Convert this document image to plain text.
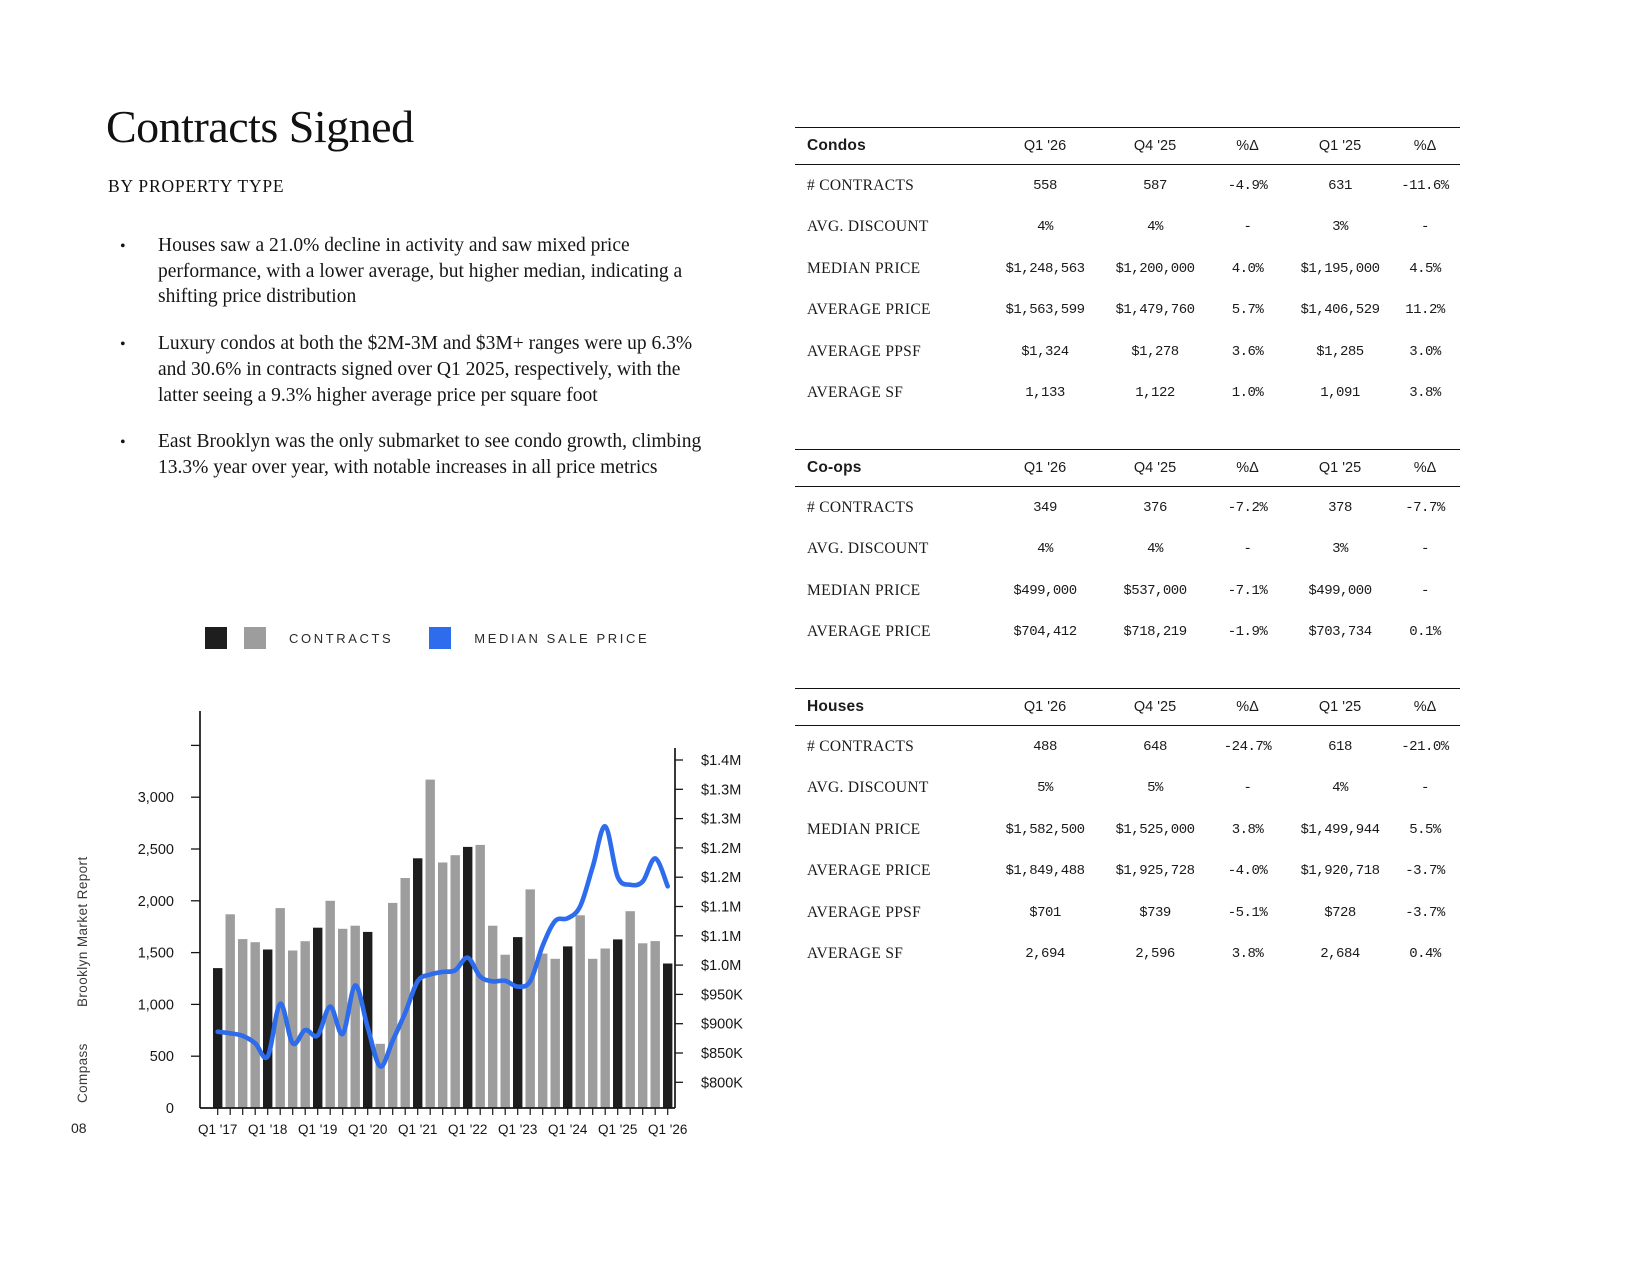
Contracts Signed
BY PROPERTY TYPE
•	Houses saw a 21.0% decline in activity and saw mixed price performance, with a lower average, but higher median, indicating a shifting price distribution
•	Luxury condos at both the $2M-3M and $3M+ ranges were up 6.3% and 30.6% in contracts signed over Q1 2025, respectively, with the latter seeing a 9.3% higher average price per square foot
•	East Brooklyn was the only submarket to see condo growth, climbing 13.3% year over year, with notable increases in all price metrics
CONTRACTS	MEDIAN SALE PRICE
3,000
2,500
2,000
1,500
1,000
500
0
Q1 '17 Q1 '18 Q1 '19 Q1 '20 Q1 '21 Q1 '22 Q1 '23 Q1 '24 Q1 '25 Q1 '26
$1.4M
$1.3M
$1.3M
$1.2M
$1.2M
$1.1M
$1.1M
$1.0M
$950K
$900K
$850K
$800K
Brooklyn Market Report
Compass
08
Condos	Q1 '26	Q4 '25	%Δ	Q1 '25	%Δ
# CONTRACTS	558	587	-4.9%	631	-11.6%
AVG. DISCOUNT	4%	4%	-	3%	-
MEDIAN PRICE	$1,248,563	$1,200,000	4.0%	$1,195,000	4.5%
AVERAGE PRICE	$1,563,599	$1,479,760	5.7%	$1,406,529	11.2%
AVERAGE PPSF	$1,324	$1,278	3.6%	$1,285	3.0%
AVERAGE SF	1,133	1,122	1.0%	1,091	3.8%
Co-ops	Q1 '26	Q4 '25	%Δ	Q1 '25	%Δ
# CONTRACTS	349	376	-7.2%	378	-7.7%
AVG. DISCOUNT	4%	4%	-	3%	-
MEDIAN PRICE	$499,000	$537,000	-7.1%	$499,000	-
AVERAGE PRICE	$704,412	$718,219	-1.9%	$703,734	0.1%
Houses	Q1 '26	Q4 '25	%Δ	Q1 '25	%Δ
# CONTRACTS	488	648	-24.7%	618	-21.0%
AVG. DISCOUNT	5%	5%	-	4%	-
MEDIAN PRICE	$1,582,500	$1,525,000	3.8%	$1,499,944	5.5%
AVERAGE PRICE	$1,849,488	$1,925,728	-4.0%	$1,920,718	-3.7%
AVERAGE PPSF	$701	$739	-5.1%	$728	-3.7%
AVERAGE SF	2,694	2,596	3.8%	2,684	0.4%
